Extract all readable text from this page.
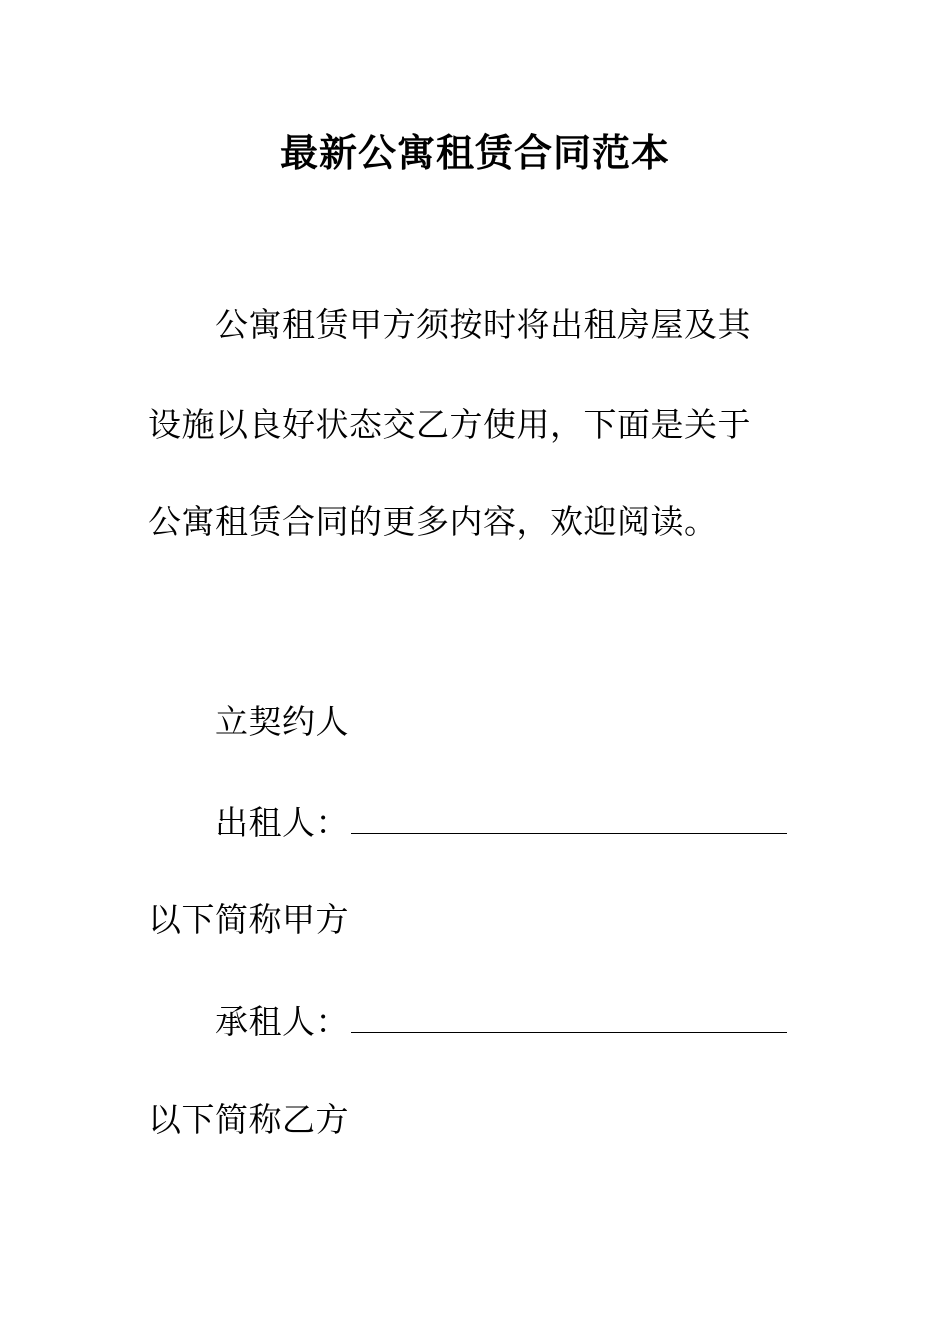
最新公寓租赁合同范本
公寓租赁甲方须按时将出租房屋及其
设施以良好状态交乙方使用，下面是关于
公寓租赁合同的更多内容，欢迎阅读。
立契约人
出租人：
以下简称甲方
承租人：
以下简称乙方
